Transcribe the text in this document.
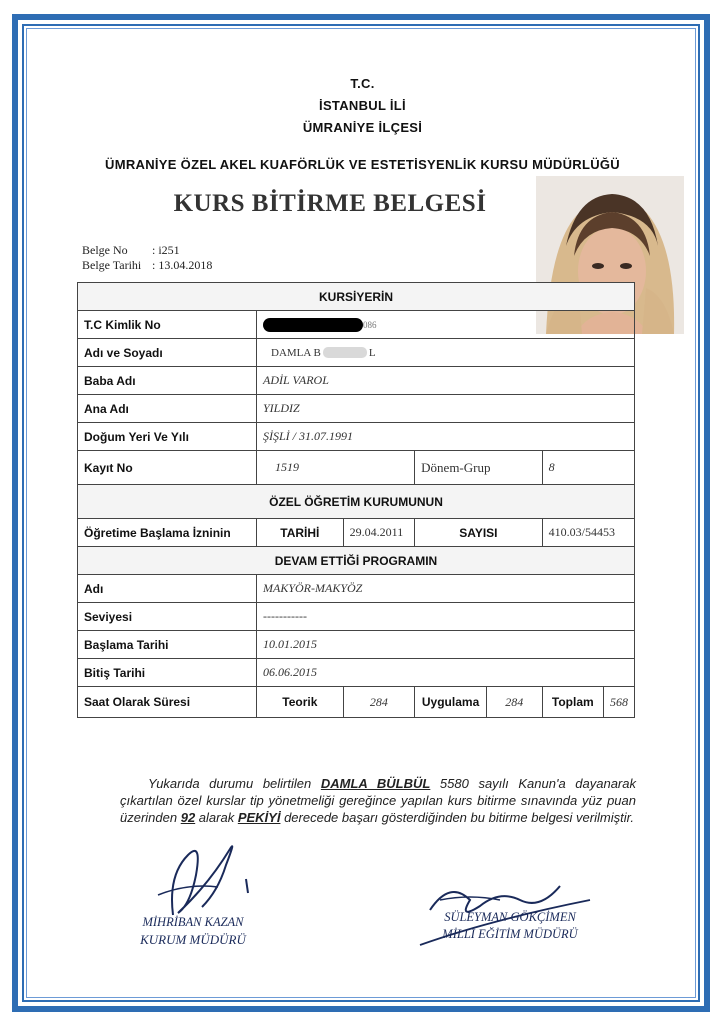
T.C.
İSTANBUL İLİ
ÜMRANİYE İLÇESİ
ÜMRANİYE ÖZEL AKEL KUAFÖRLÜK VE ESTETİSYENLİK KURSU MÜDÜRLÜĞÜ
KURS BİTİRME BELGESİ
Belge No : i251
Belge Tarihi : 13.04.2018
KURSİYERİN						
T.C Kimlik No	086					
Adı ve Soyadı	DAMLA B L					
Baba Adı	ADİL VAROL					
Ana Adı	YILDIZ					
Doğum Yeri Ve Yılı	ŞİŞLİ / 31.07.1991					
Kayıt No	1519		Dönem-Grup		8	
ÖZEL ÖĞRETİM KURUMUNUN						
Öğretime Başlama İzninin	TARİHİ	29.04.2011	SAYISI		410.03/54453	
DEVAM ETTİĞİ PROGRAMIN						
Adı	MAKYÖR-MAKYÖZ					
Seviyesi	-----------					
Başlama Tarihi	10.01.2015					
Bitiş Tarihi	06.06.2015					
Saat Olarak Süresi	Teorik	284	Uygulama	284	Toplam	568
Yukarıda durumu belirtilen DAMLA BÜLBÜL 5580 sayılı Kanun'a dayanarak çıkartılan özel kurslar tip yönetmeliği gereğince yapılan kurs bitirme sınavında yüz puan üzerinden 92 alarak PEKİYİ derecede başarı gösterdiğinden bu bitirme belgesi verilmiştir.
MİHRİBAN KAZAN
KURUM MÜDÜRÜ
SÜLEYMAN GÖKÇİMEN
MİLLİ EĞİTİM MÜDÜRÜ
